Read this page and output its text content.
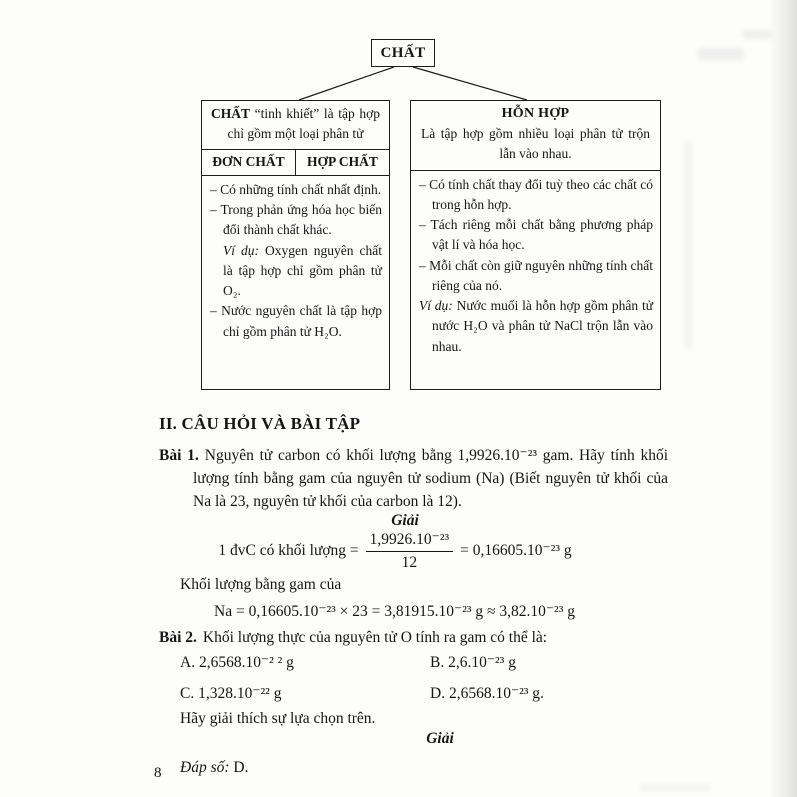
CHẤT
CHẤT “tinh khiết” là tập hợp chỉ gồm một loại phân tử
ĐƠN CHẤT	HỢP CHẤT
– Có những tính chất nhất định.
– Trong phản ứng hóa học biến đổi thành chất khác.
Ví dụ: Oxygen nguyên chất là tập hợp chỉ gồm phân tử O₂.
– Nước nguyên chất là tập hợp chỉ gồm phân tử H₂O.
HỖN HỢP
Là tập hợp gồm nhiều loại phân tử trộn lẫn vào nhau.
– Có tính chất thay đổi tuỳ theo các chất có trong hỗn hợp.
– Tách riêng mỗi chất bằng phương pháp vật lí và hóa học.
– Mỗi chất còn giữ nguyên những tính chất riêng của nó.
Ví dụ: Nước muối là hỗn hợp gồm phân tử nước H₂O và phân tử NaCl trộn lẫn vào nhau.
II. CÂU HỎI VÀ BÀI TẬP

Bài 1. Nguyên tử carbon có khối lượng bằng 1,9926.10⁻²³ gam. Hãy tính khối lượng tính bằng gam của nguyên tử sodium (Na) (Biết nguyên tử khối của Na là 23, nguyên tử khối của carbon là 12).

Giải
1 đvC có khối lượng = $\frac{\text{1,9926.10⁻²³}}{12} = 0,16605.10^{-23}$ g
Khối lượng bằng gam của
Na = 0,16605.10⁻²³ × 23 = 3,81915.10⁻²³ g ≈ 3,82.10⁻²³ g

Bài 2. Khối lượng thực của nguyên tử O tính ra gam có thể là:

A. 2,6568.10⁻² ² g	B. 2,6.10⁻²³ g
C. 1,328.10⁻²² g	D. 2,6568.10⁻²³ g.
Hãy giải thích sự lựa chọn trên.
Giải
Đáp số: D.
8
